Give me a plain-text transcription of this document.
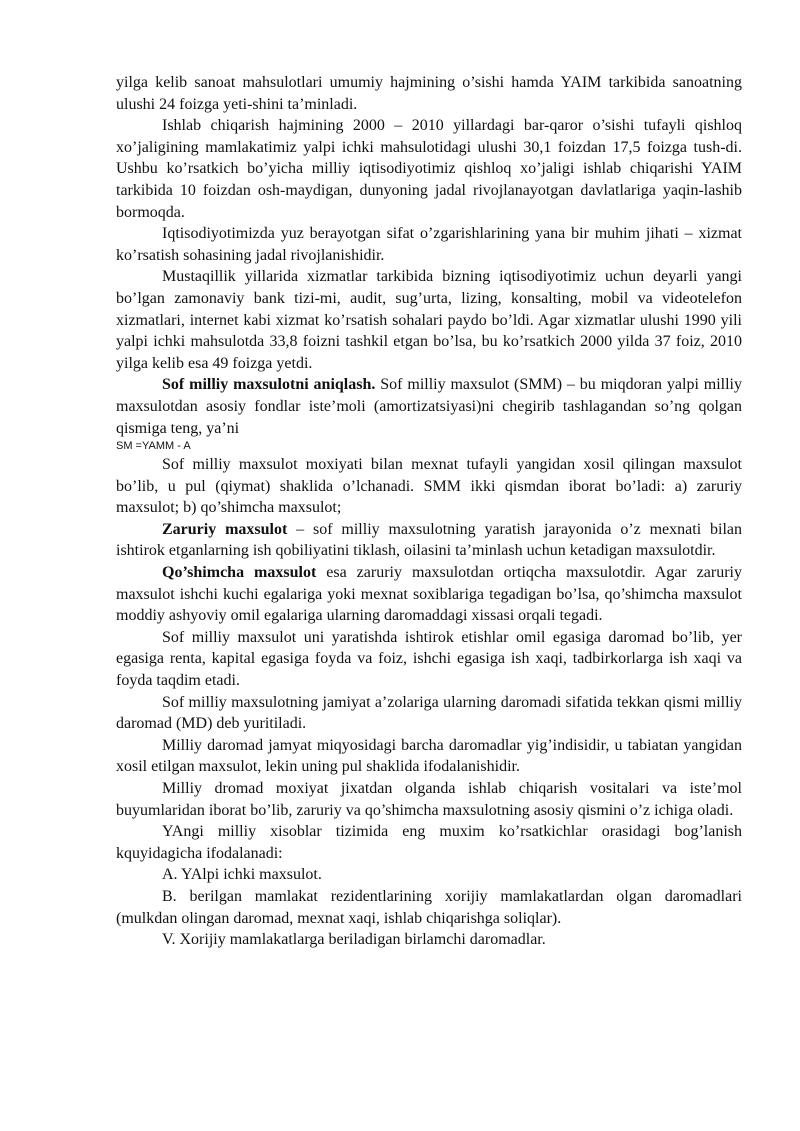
yilga kelib sanoat mahsulotlari umumiy hajmining o’sishi hamda YAIM tarkibida sanoatning ulushi 24 foizga yeti-shini ta’minladi.

Ishlab chiqarish hajmining 2000 – 2010 yillardagi bar-qaror o’sishi tufayli qishloq xo’jaligining mamlakatimiz yalpi ichki mahsulotidagi ulushi 30,1 foizdan 17,5 foizga tush-di. Ushbu ko’rsatkich bo’yicha milliy iqtisodiyotimiz qishloq xo’jaligi ishlab chiqarishi YAIM tarkibida 10 foizdan osh-maydigan, dunyoning jadal rivojlanayotgan davlatlariga yaqin-lashib bormoqda.

Iqtisodiyotimizda yuz berayotgan sifat o’zgarishlarining yana bir muhim jihati – xizmat ko’rsatish sohasining jadal rivojlanishidir.

Mustaqillik yillarida xizmatlar tarkibida bizning iqtisodiyotimiz uchun deyarli yangi bo’lgan zamonaviy bank tizi-mi, audit, sug’urta, lizing, konsalting, mobil va videotelefon xizmatlari, internet kabi xizmat ko’rsatish sohalari paydo bo’ldi. Agar xizmatlar ulushi 1990 yili yalpi ichki mahsulotda 33,8 foizni tashkil etgan bo’lsa, bu ko’rsatkich 2000 yilda 37 foiz, 2010 yilga kelib esa 49 foizga yetdi.

Sof milliy maxsulotni aniqlash. Sof milliy maxsulot (SMM) – bu miqdoran yalpi milliy maxsulotdan asosiy fondlar iste’moli (amortizatsiyasi)ni chegirib tashlagandan so’ng qolgan qismiga teng, ya’ni

SM =YAMM - A

Sof milliy maxsulot moxiyati bilan mexnat tufayli yangidan xosil qilingan maxsulot bo’lib, u pul (qiymat) shaklida o’lchanadi. SMM ikki qismdan iborat bo’ladi: a) zaruriy maxsulot; b) qo’shimcha maxsulot;

Zaruriy maxsulot – sof milliy maxsulotning yaratish jarayonida o’z mexnati bilan ishtirok etganlarning ish qobiliyatini tiklash, oilasini ta’minlash uchun ketadigan maxsulotdir.

Qo’shimcha maxsulot esa zaruriy maxsulotdan ortiqcha maxsulotdir. Agar zaruriy maxsulot ishchi kuchi egalariga yoki mexnat soxiblariga tegadigan bo’lsa, qo’shimcha maxsulot moddiy ashyoviy omil egalariga ularning daromaddagi xissasi orqali tegadi.

Sof milliy maxsulot uni yaratishda ishtirok etishlar omil egasiga daromad bo’lib, yer egasiga renta, kapital egasiga foyda va foiz, ishchi egasiga ish xaqi, tadbirkorlarga ish xaqi va foyda taqdim etadi.

Sof milliy maxsulotning jamiyat a’zolariga ularning daromadi sifatida tekkan qismi milliy daromad (MD) deb yuritiladi.

Milliy daromad jamyat miqyosidagi barcha daromadlar yig’indisidir, u tabiatan yangidan xosil etilgan maxsulot, lekin uning pul shaklida ifodalanishidir.

Milliy dromad moxiyat jixatdan olganda ishlab chiqarish vositalari va iste’mol buyumlaridan iborat bo’lib, zaruriy va qo’shimcha maxsulotning asosiy qismini o’z ichiga oladi.

YAngi milliy xisoblar tizimida eng muxim ko’rsatkichlar orasidagi bog’lanish kquyidagicha ifodalanadi:

A. YAlpi ichki maxsulot.

B. berilgan mamlakat rezidentlarining xorijiy mamlakatlardan olgan daromadlari (mulkdan olingan daromad, mexnat xaqi, ishlab chiqarishga soliqlar).

V. Xorijiy mamlakatlarga beriladigan birlamchi daromadlar.
